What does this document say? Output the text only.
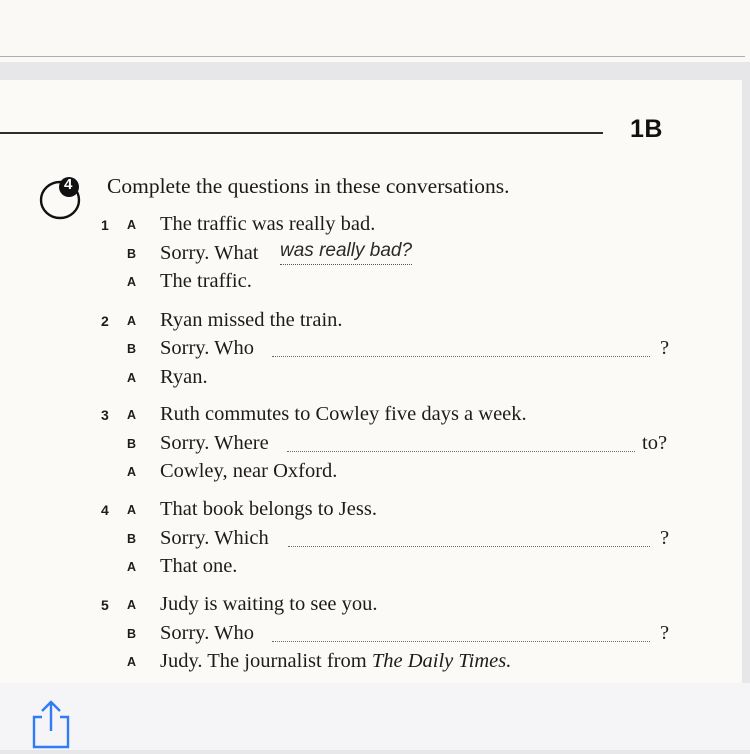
1B
4 Complete the questions in these conversations.
1 A The traffic was really bad.
B Sorry. What was really bad?
A The traffic.
2 A Ryan missed the train.
B Sorry. Who	?
A Ryan.
3 A Ruth commutes to Cowley five days a week.
B Sorry. Where	to?
A Cowley, near Oxford.
4 A That book belongs to Jess.
B Sorry. Which	?
A That one.
5 A Judy is waiting to see you.
B Sorry. Who	?
A Judy. The journalist from The Daily Times.
